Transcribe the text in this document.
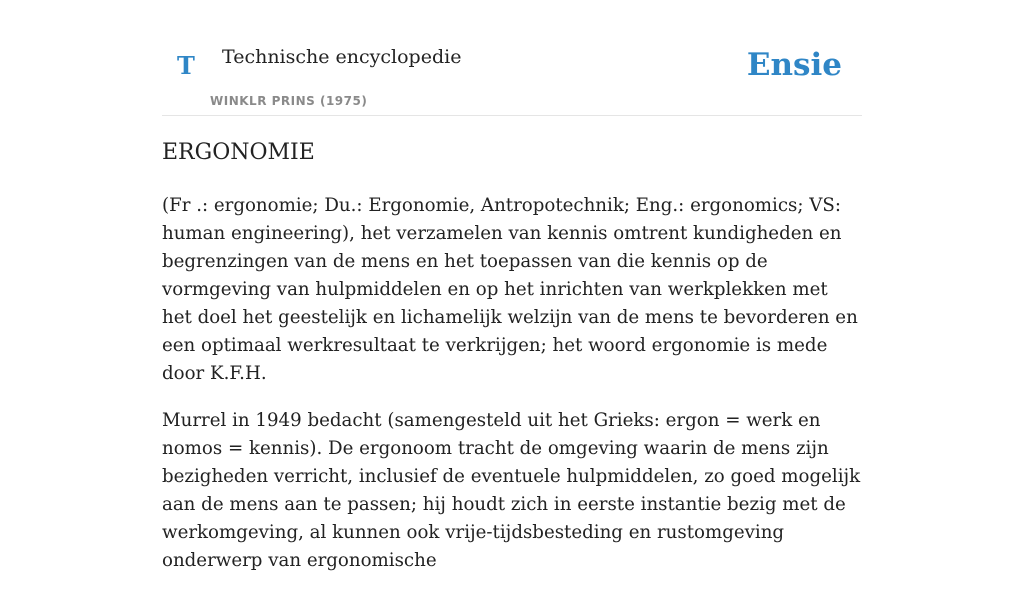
T Technische encyclopedie
WINKLR PRINS (1975)
Ensie
ERGONOMIE

(Fr .: ergonomie; Du.: Ergonomie, Antropotechnik; Eng.: ergonomics; VS: human engineering), het verzamelen van kennis omtrent kundigheden en begrenzingen van de mens en het toepassen van die kennis op de vormgeving van hulpmiddelen en op het inrichten van werkplekken met het doel het geestelijk en lichamelijk welzijn van de mens te bevorderen en een optimaal werkresultaat te verkrijgen; het woord ergonomie is mede door K.F.H.

Murrel in 1949 bedacht (samengesteld uit het Grieks: ergon = werk en nomos = kennis). De ergonoom tracht de omgeving waarin de mens zijn bezigheden verricht, inclusief de eventuele hulpmiddelen, zo goed mogelijk aan de mens aan te passen; hij houdt zich in eerste instantie bezig met de werkomgeving, al kunnen ook vrije-tijdsbesteding en rustomgeving onderwerp van ergonomische
